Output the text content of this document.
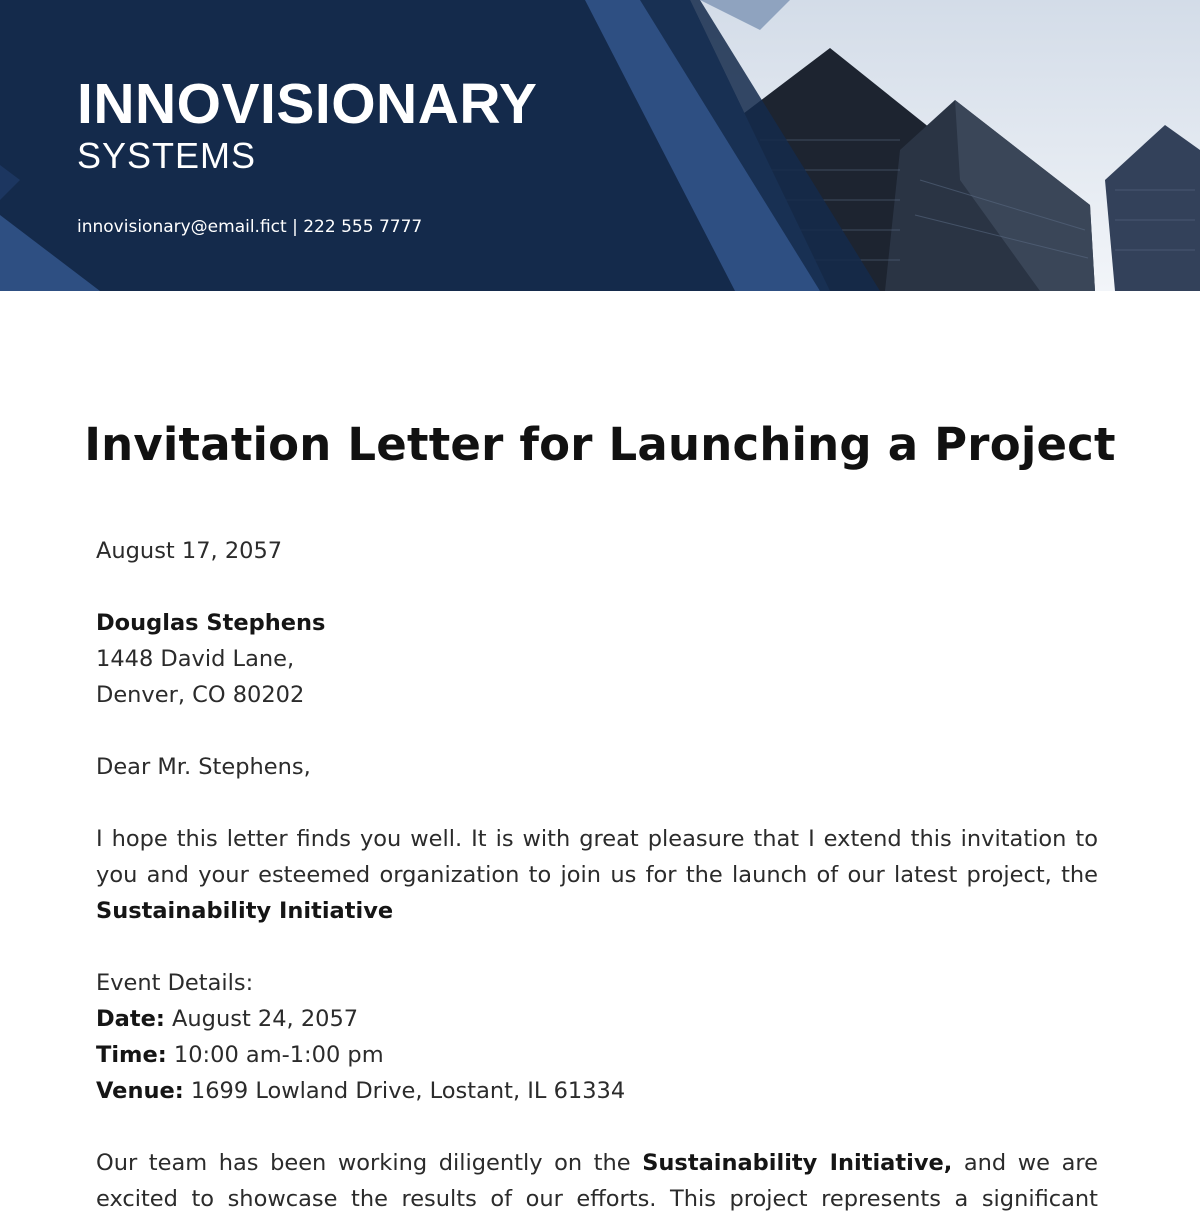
INNOVISIONARY
SYSTEMS
innovisionary@email.fict | 222 555 7777
Invitation Letter for Launching a Project
August 17, 2057

Douglas Stephens

1448 David Lane,

Denver, CO 80202

Dear Mr. Stephens,

I hope this letter finds you well. It is with great pleasure that I extend this invitation to

you and your esteemed organization to join us for the launch of our latest project, the

Sustainability Initiative

Event Details:

Date: August 24, 2057

Time: 10:00 am-1:00 pm

Venue: 1699 Lowland Drive, Lostant, IL 61334

Our team has been working diligently on the Sustainability Initiative, and we are

excited to showcase the results of our efforts. This project represents a significant
